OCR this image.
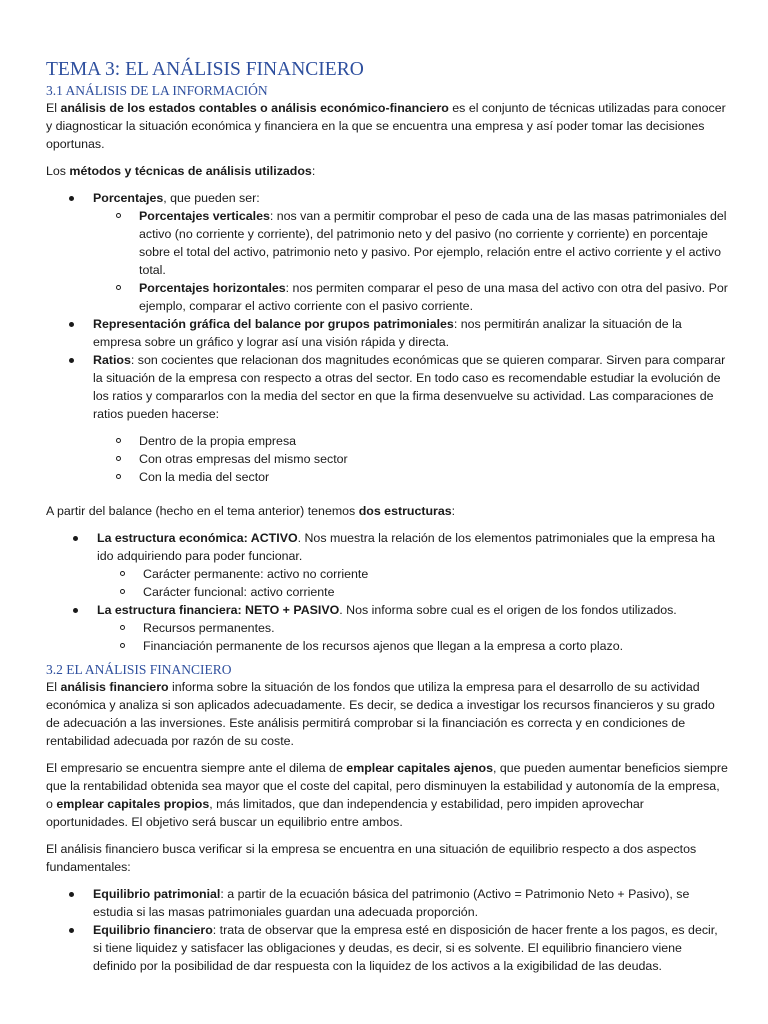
TEMA 3: EL ANÁLISIS FINANCIERO
3.1 ANÁLISIS DE LA INFORMACIÓN

El análisis de los estados contables o análisis económico-financiero es el conjunto de técnicas utilizadas para conocer y diagnosticar la situación económica y financiera en la que se encuentra una empresa y así poder tomar las decisiones oportunas.

Los métodos y técnicas de análisis utilizados:

Porcentajes, que pueden ser:
Porcentajes verticales: nos van a permitir comprobar el peso de cada una de las masas patrimoniales del activo (no corriente y corriente), del patrimonio neto y del pasivo (no corriente y corriente) en porcentaje sobre el total del activo, patrimonio neto y pasivo. Por ejemplo, relación entre el activo corriente y el activo total.
Porcentajes horizontales: nos permiten comparar el peso de una masa del activo con otra del pasivo. Por ejemplo, comparar el activo corriente con el pasivo corriente.
Representación gráfica del balance por grupos patrimoniales: nos permitirán analizar la situación de la empresa sobre un gráfico y lograr así una visión rápida y directa.
Ratios: son cocientes que relacionan dos magnitudes económicas que se quieren comparar. Sirven para comparar la situación de la empresa con respecto a otras del sector. En todo caso es recomendable estudiar la evolución de los ratios y compararlos con la media del sector en que la firma desenvuelve su actividad. Las comparaciones de ratios pueden hacerse:
Dentro de la propia empresa
Con otras empresas del mismo sector
Con la media del sector

A partir del balance (hecho en el tema anterior) tenemos dos estructuras:

La estructura económica: ACTIVO. Nos muestra la relación de los elementos patrimoniales que la empresa ha ido adquiriendo para poder funcionar.
Carácter permanente: activo no corriente
Carácter funcional: activo corriente
La estructura financiera: NETO + PASIVO. Nos informa sobre cual es el origen de los fondos utilizados.
Recursos permanentes.
Financiación permanente de los recursos ajenos que llegan a la empresa a corto plazo.
3.2 EL ANÁLISIS FINANCIERO

El análisis financiero informa sobre la situación de los fondos que utiliza la empresa para el desarrollo de su actividad económica y analiza si son aplicados adecuadamente. Es decir, se dedica a investigar los recursos financieros y su grado de adecuación a las inversiones. Este análisis permitirá comprobar si la financiación es correcta y en condiciones de rentabilidad adecuada por razón de su coste.

El empresario se encuentra siempre ante el dilema de emplear capitales ajenos, que pueden aumentar beneficios siempre que la rentabilidad obtenida sea mayor que el coste del capital, pero disminuyen la estabilidad y autonomía de la empresa, o emplear capitales propios, más limitados, que dan independencia y estabilidad, pero impiden aprovechar oportunidades. El objetivo será buscar un equilibrio entre ambos.

El análisis financiero busca verificar si la empresa se encuentra en una situación de equilibrio respecto a dos aspectos fundamentales:

Equilibrio patrimonial: a partir de la ecuación básica del patrimonio (Activo = Patrimonio Neto + Pasivo), se estudia si las masas patrimoniales guardan una adecuada proporción.
Equilibrio financiero: trata de observar que la empresa esté en disposición de hacer frente a los pagos, es decir, si tiene liquidez y satisfacer las obligaciones y deudas, es decir, si es solvente. El equilibrio financiero viene definido por la posibilidad de dar respuesta con la liquidez de los activos a la exigibilidad de las deudas.
